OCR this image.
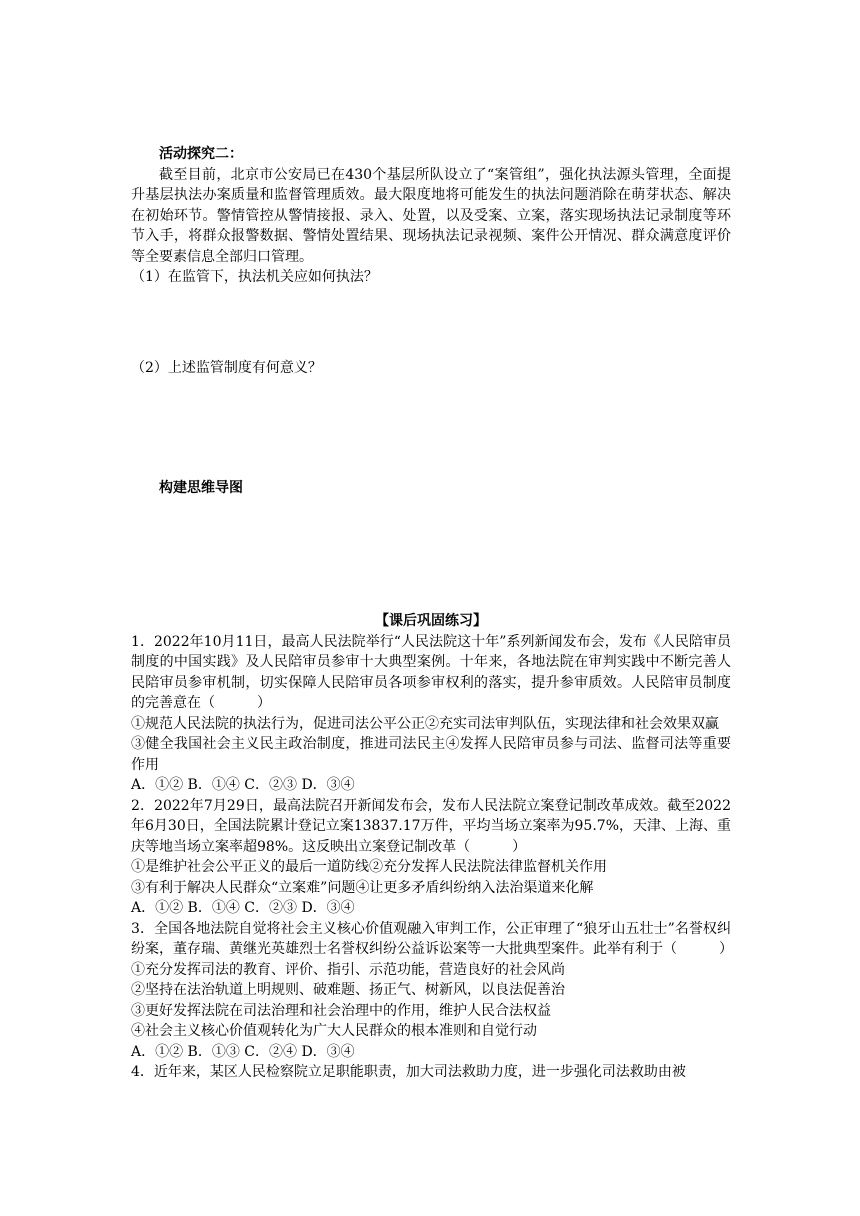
活动探究二：
截至目前，北京市公安局已在430个基层所队设立了“案管组”，强化执法源头管理，全面提升基层执法办案质量和监督管理质效。最大限度地将可能发生的执法问题消除在萌芽状态、解决在初始环节。警情管控从警情接报、录入、处置，以及受案、立案，落实现场执法记录制度等环节入手，将群众报警数据、警情处置结果、现场执法记录视频、案件公开情况、群众满意度评价等全要素信息全部归口管理。
（1）在监管下，执法机关应如何执法？
（2）上述监管制度有何意义？
构建思维导图
【课后巩固练习】
1．2022年10月11日，最高人民法院举行“人民法院这十年”系列新闻发布会，发布《人民陪审员制度的中国实践》及人民陪审员参审十大典型案例。十年来，各地法院在审判实践中不断完善人民陪审员参审机制，切实保障人民陪审员各项参审权利的落实，提升参审质效。人民陪审员制度的完善意在（　　　）
①规范人民法院的执法行为，促进司法公平公正②充实司法审判队伍，实现法律和社会效果双赢
③健全我国社会主义民主政治制度，推进司法民主④发挥人民陪审员参与司法、监督司法等重要作用
A．①② B．①④ C．②③ D．③④
2．2022年7月29日，最高法院召开新闻发布会，发布人民法院立案登记制改革成效。截至2022年6月30日，全国法院累计登记立案13837.17万件，平均当场立案率为95.7%，天津、上海、重庆等地当场立案率超98%。这反映出立案登记制改革（　　　）
①是维护社会公平正义的最后一道防线②充分发挥人民法院法律监督机关作用
③有利于解决人民群众“立案难”问题④让更多矛盾纠纷纳入法治渠道来化解
A．①② B．①④ C．②③ D．③④
3．全国各地法院自觉将社会主义核心价值观融入审判工作，公正审理了“狼牙山五壮士”名誉权纠纷案，董存瑞、黄继光英雄烈士名誉权纠纷公益诉讼案等一大批典型案件。此举有利于（　　　）
①充分发挥司法的教育、评价、指引、示范功能，营造良好的社会风尚
②坚持在法治轨道上明规则、破难题、扬正气、树新风，以良法促善治
③更好发挥法院在司法治理和社会治理中的作用，维护人民合法权益
④社会主义核心价值观转化为广大人民群众的根本准则和自觉行动
A．①② B．①③ C．②④ D．③④
4．近年来，某区人民检察院立足职能职责，加大司法救助力度，进一步强化司法救助由被
